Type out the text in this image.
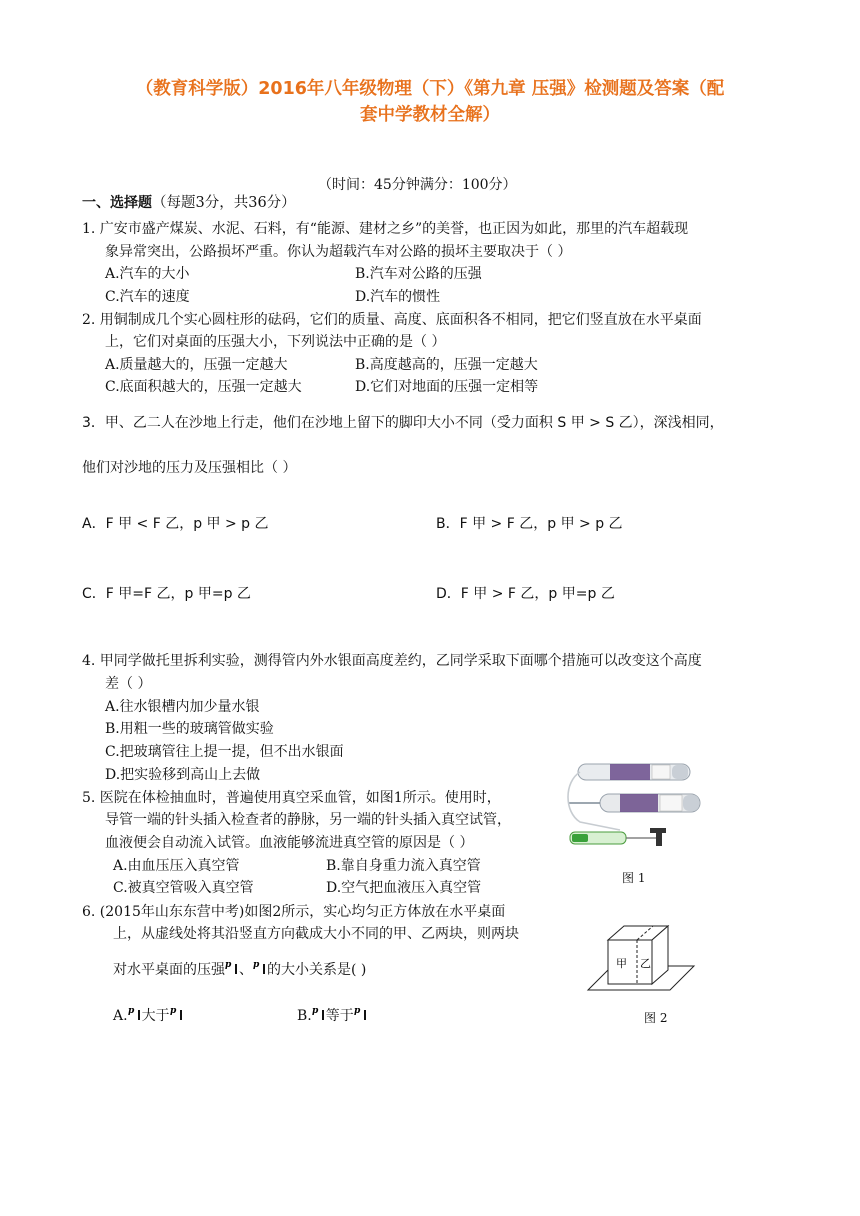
（教育科学版）2016年八年级物理（下）《第九章 压强》检测题及答案（配
套中学教材全解）
（时间：45分钟满分：100分）
一、选择题（每题3分，共36分）
1. 广安市盛产煤炭、水泥、石料，有“能源、建材之乡”的美誉，也正因为如此，那里的汽车超载现
象异常突出，公路损坏严重。你认为超载汽车对公路的损坏主要取决于（ ）
A.汽车的大小	B.汽车对公路的压强
C.汽车的速度	D.汽车的惯性
2. 用铜制成几个实心圆柱形的砝码，它们的质量、高度、底面积各不相同，把它们竖直放在水平桌面
上，它们对桌面的压强大小，下列说法中正确的是（ ）
A.质量越大的，压强一定越大	B.高度越高的，压强一定越大
C.底面积越大的，压强一定越大	D.它们对地面的压强一定相等
3．甲、乙二人在沙地上行走，他们在沙地上留下的脚印大小不同（受力面积 S 甲 > S 乙），深浅相同，
他们对沙地的压力及压强相比（ ）
A．F 甲 < F 乙，p 甲 > p 乙	B．F 甲 > F 乙，p 甲 > p 乙
C．F 甲=F 乙，p 甲=p 乙	D．F 甲 > F 乙，p 甲=p 乙
4. 甲同学做托里拆利实验，测得管内外水银面高度差约，乙同学采取下面哪个措施可以改变这个高度
差（ ）
A.往水银槽内加少量水银
B.用粗一些的玻璃管做实验
C.把玻璃管往上提一提，但不出水银面
D.把实验移到高山上去做
5. 医院在体检抽血时，普遍使用真空采血管，如图1所示。使用时，
导管一端的针头插入检查者的静脉，另一端的针头插入真空试管，
血液便会自动流入试管。血液能够流进真空管的原因是（ ）
A.由血压压入真空管	B.靠自身重力流入真空管
C.被真空管吸入真空管	D.空气把血液压入真空管
图 1
6. (2015年山东东营中考)如图2所示，实心均匀正方体放在水平桌面
上，从虚线处将其沿竖直方向截成大小不同的甲、乙两块，则两块
对水平桌面的压强 p 、 p 的大小关系是( )
A. p 大于 p	B. p 等于 p
甲 乙
图 2
